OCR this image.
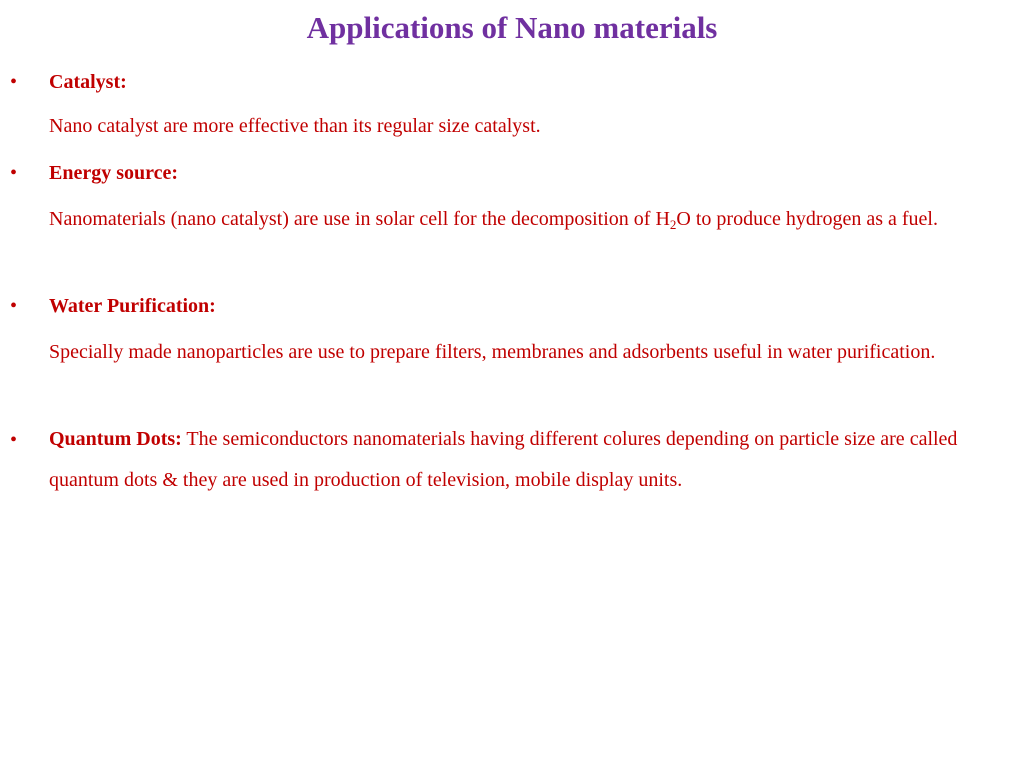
Applications of Nano materials
• Catalyst:
Nano catalyst are more effective than its regular size catalyst.
• Energy source:
Nanomaterials (nano catalyst) are use in solar cell for the decomposition of $H_2O$ to produce hydrogen as a fuel.
• Water Purification:
Specially made nanoparticles are use to prepare filters, membranes and adsorbents useful in water purification.
• Quantum Dots: The semiconductors nanomaterials having different colures depending on particle size are called quantum dots & they are used in production of television, mobile display units.
